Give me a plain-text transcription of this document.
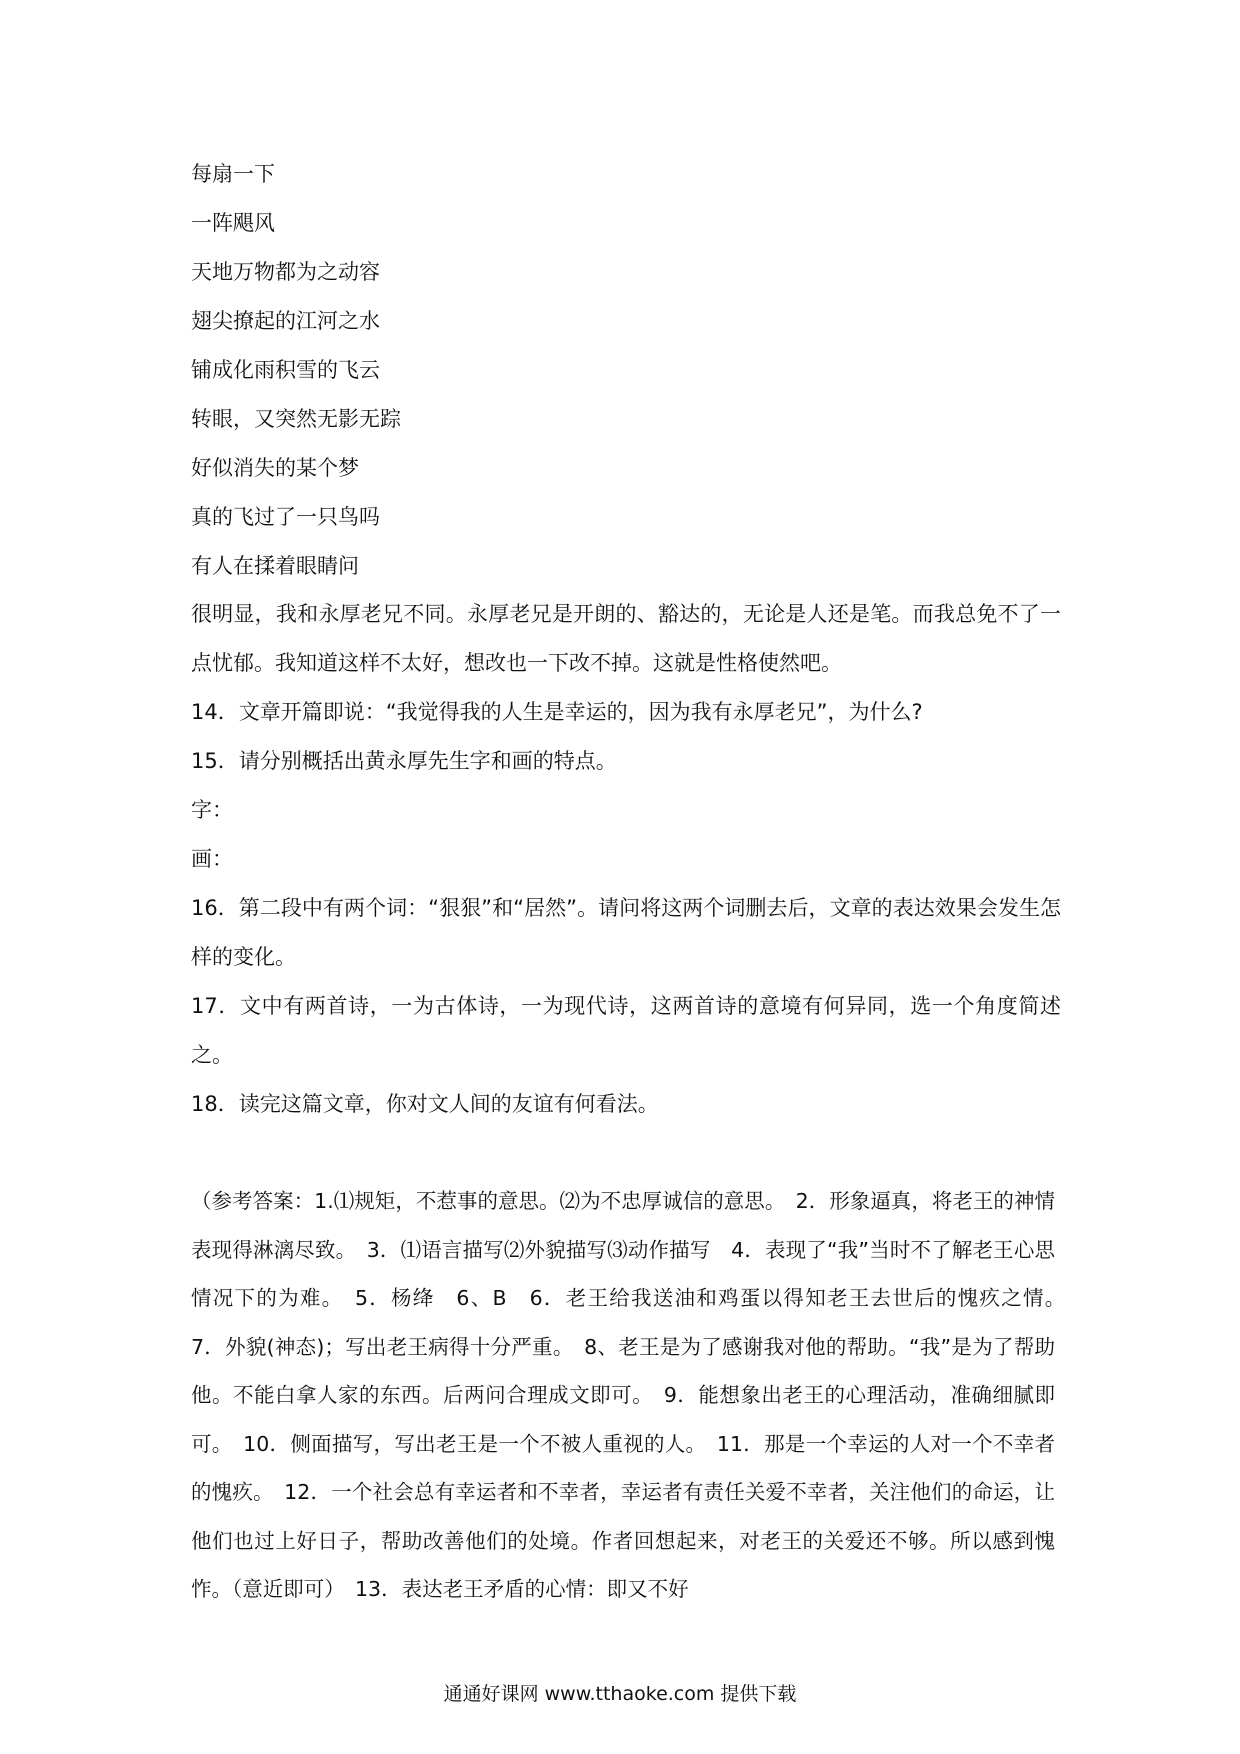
每扇一下
一阵飓风
天地万物都为之动容
翅尖撩起的江河之水
铺成化雨积雪的飞云
转眼，又突然无影无踪
好似消失的某个梦
真的飞过了一只鸟吗
有人在揉着眼睛问
很明显，我和永厚老兄不同。永厚老兄是开朗的、豁达的，无论是人还是笔。而我总免不了一点忧郁。我知道这样不太好，想改也一下改不掉。这就是性格使然吧。
14．文章开篇即说：“我觉得我的人生是幸运的，因为我有永厚老兄”，为什么?
15．请分别概括出黄永厚先生字和画的特点。
字：
画：
16．第二段中有两个词：“狠狠”和“居然”。请问将这两个词删去后，文章的表达效果会发生怎样的变化。
17．文中有两首诗，一为古体诗，一为现代诗，这两首诗的意境有何异同，选一个角度简述之。
18．读完这篇文章，你对文人间的友谊有何看法。
（参考答案：1.⑴规矩，不惹事的意思。⑵为不忠厚诚信的意思。　2．形象逼真，将老王的神情表现得淋漓尽致。　3．⑴语言描写⑵外貌描写⑶动作描写　4．表现了“我”当时不了解老王心思情况下的为难。　5．杨绛　6、B　6．老王给我送油和鸡蛋以得知老王去世后的愧疚之情。　7．外貌(神态)；写出老王病得十分严重。　8、老王是为了感谢我对他的帮助。“我”是为了帮助他。不能白拿人家的东西。后两问合理成文即可。　9．能想象出老王的心理活动，准确细腻即可。　10．侧面描写，写出老王是一个不被人重视的人。　11．那是一个幸运的人对一个不幸者的愧疚。　12．一个社会总有幸运者和不幸者，幸运者有责任关爱不幸者，关注他们的命运，让他们也过上好日子，帮助改善他们的处境。作者回想起来，对老王的关爱还不够。所以感到愧怍。（意近即可）　13．表达老王矛盾的心情：即又不好
通通好课网 www.tthaoke.com 提供下载
